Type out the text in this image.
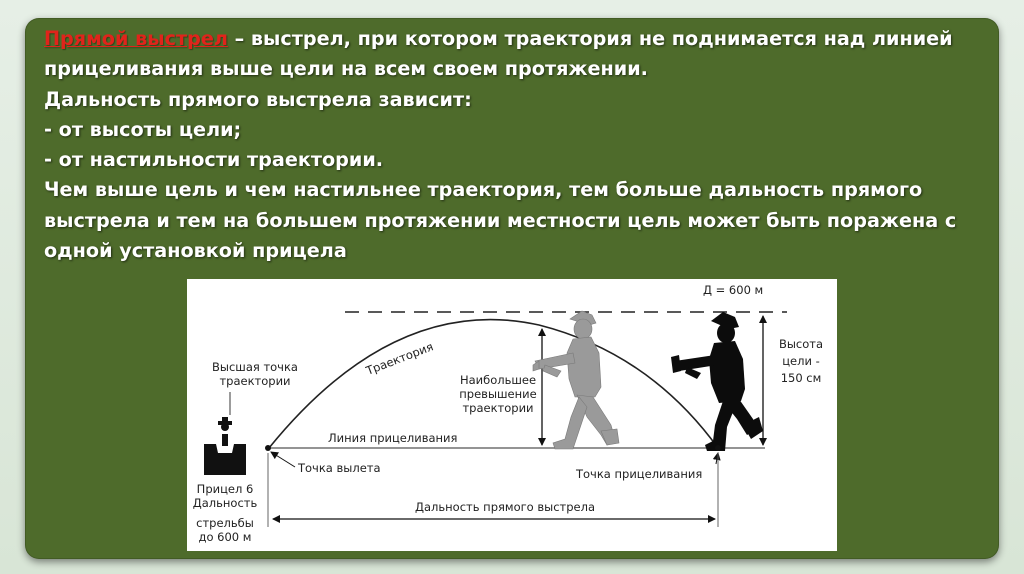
Прямой выстрел – выстрел, при котором траектория не поднимается над линией

прицеливания выше цели на всем своем протяжении.

Дальность прямого выстрела зависит:

- от высоты цели;

- от настильности траектории.

Чем выше цель и чем настильнее траектория, тем больше дальность прямого

выстрела и тем на большем протяжении местности цель может быть поражена с

одной установкой прицела

Д = 600 м
Линия прицеливания
Траектория
Наибольшее
превышение
траектории
Высота
цели -
150 см
Высшая точка
траектории
Прицел 6
Дальность
стрельбы
до 600 м
Точка вылета	Точка прицеливания
Дальность прямого выстрела
